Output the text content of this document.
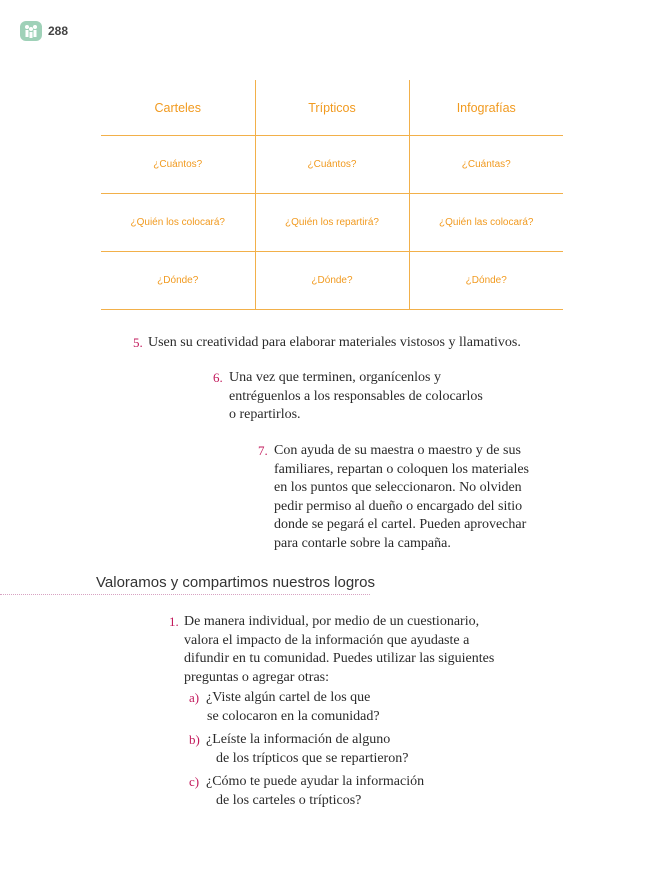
288
Carteles	Trípticos	Infografías
¿Cuántos?	¿Cuántos?	¿Cuántas?
¿Quién los colocará?	¿Quién los repartirá?	¿Quién las colocará?
¿Dónde?	¿Dónde?	¿Dónde?
5. Usen su creatividad para elaborar materiales vistosos y llamativos.
6. Una vez que terminen, organícenlos y
entréguenlos a los responsables de colocarlos
o repartirlos.
7. Con ayuda de su maestra o maestro y de sus
familiares, repartan o coloquen los materiales
en los puntos que seleccionaron. No olviden
pedir permiso al dueño o encargado del sitio
donde se pegará el cartel. Pueden aprovechar
para contarle sobre la campaña.
Valoramos y compartimos nuestros logros
1. De manera individual, por medio de un cuestionario,
valora el impacto de la información que ayudaste a
difundir en tu comunidad. Puedes utilizar las siguientes
preguntas o agregar otras:
a) ¿Viste algún cartel de los que
se colocaron en la comunidad?
b) ¿Leíste la información de alguno
de los trípticos que se repartieron?
c) ¿Cómo te puede ayudar la información
de los carteles o trípticos?
